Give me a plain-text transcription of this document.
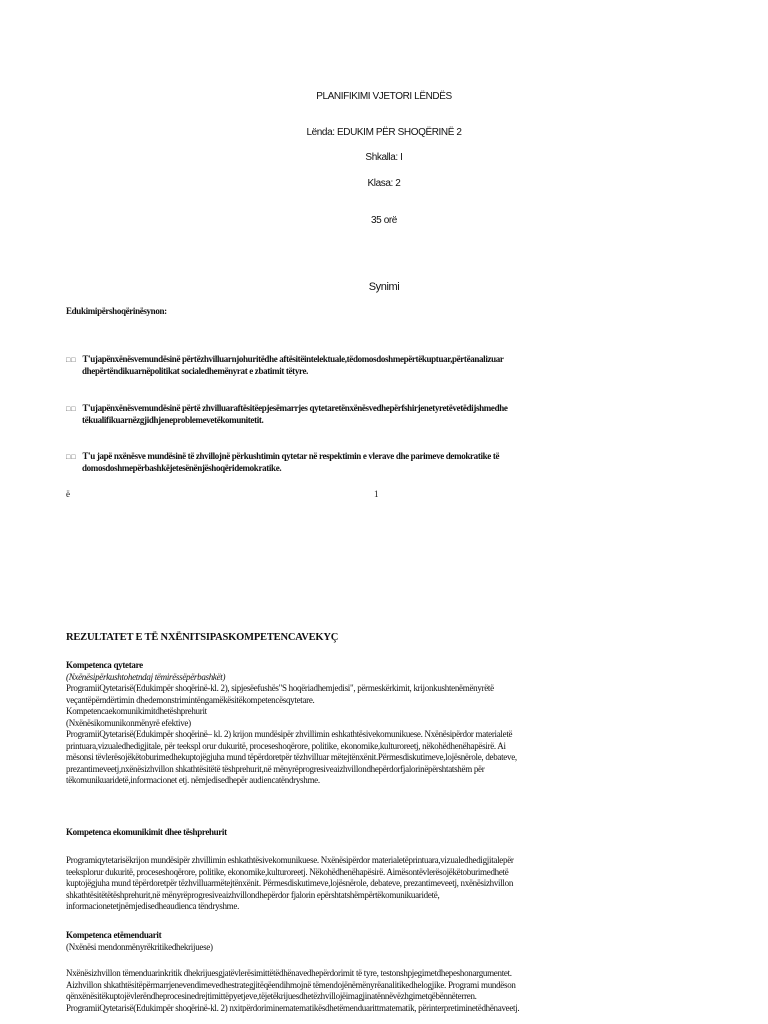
PLANIFIKIMI VJETORI LËNDËS
Lënda: EDUKIM PËR SHOQËRINË 2
Shkalla: I
Klasa: 2
35 orë
Synimi
Edukimipërshoqërinësynon:
□□ T'ujapënxënësvemundësinë përtëzhvilluarnjohuritëdhe aftësitëintelektuale,tëdomosdoshmepërtëkuptuar,përtëanalizuar
dhepërtëndikuarnëpolitikat socialedhemënyrat e zbatimit tëtyre.
□□ T'ujapënxënësvemundësinë përtë zhvilluaraftësitëepjesëmarrjes qytetaretënxënësvedhepërfshirjenetyretëvetëdijshmedhe
tëkualifikuarnëzgjidhjeneproblemevetëkomunitetit.
□□ T'u japë nxënësve mundësinë të zhvillojnë përkushtimin qytetar në respektimin e vlerave dhe parimeve demokratike të
domosdoshmepërbashkëjetesënënjëshoqëridemokratike.
ë	1
REZULTATET E TË NXËNITSIPASKOMPETENCAVEKYÇ
Kompetenca qytetare
(Nxënësipërkushtohetndaj tëmirëssëpërbashkët)
ProgramiiQytetarisë(Edukimpër shoqërinë-kl. 2), sipjesëefushës"S hoqëriadhemjedisi", përmeskërkimit, krijonkushtenëmënyrëtë
veçantëpërndërtimin dhedemonstrimintëngamëkësitëkompetencësqytetare.
Kompetencaekomunikimitdhetëshprehurit
(Nxënësikomunikonmënyrë efektive)
ProgramiiQytetarisë(Edukimpër shoqërinë– kl. 2) krijon mundësipër zhvillimin eshkathtësivekomunikuese. Nxënësipërdor materialetë
printuara,vizualedhedigjitale, për teekspl orur dukuritë, proceseshoqërore, politike, ekonomike,kulturoreetj, nëkohëdhenëhapësirë. Ai
mësonsi tëvlerësojëkëtoburimedhekuptojëgjuha mund tëpërdoretpër tëzhvilluar mëtejtënxënit.Përmesdiskutimeve,lojësnërole, debateve,
prezantimeveetj,nxënësizhvillon shkathtësitëtë tëshprehurit,në mënyrëprogresiveaizhvillondhepërdorfjalorinëpërshtatshëm për
tëkomunikuaridetë,informacionet etj. nëmjedisedhepër audiencatëndryshme.
Kompetenca ekomunikimit dhee tëshprehurit
Programiqytetarisëkrijon mundësipër zhvillimin eshkathtësivekomunikuese. Nxënësipërdor materialetëprintuara,vizualedhedigjitalepër
teeksplorur dukuritë, proceseshoqërore, politike, ekonomike,kulturoreetj. Nëkohëdhenëhapësirë. Aimësontëvlerësojëkëtoburimedhetë
kuptojëgjuha mund tëpërdoretpër tëzhvilluarmëtejtënxënit. Përmesdiskutimeve,lojësnërole, debateve, prezantimeveetj, nxënësizhvillon
shkathtësitëtëtëshprehurit,në mënyrëprogresiveaizhvillondhepërdor fjalorin epërshtatshëmpërtëkomunikuaridetë,
informacionetetjnëmjedisedheaudienca tëndryshme.
Kompetenca etëmenduarit
(Nxënësi mendonmënyrëkritikedhekrijuese)
Nxënësizhvillon tëmenduarinkritik dhekrijuesgjatëvlerësimittëtëdhënavedhepërdorimit të tyre, testonshpjegimetdhepeshonargumentet.
Aizhvillon shkathtësitëpërmarrjenevendimevedhestrategjitëqëendihmojnë tëmendojënëmënyrëanalitikedhelogjike. Programi mundëson
qënxënësitëkuptojëvlerëndheprocesinedrejtimittëpyetjeve,tëjetëkrijuesdhetëzhvillojëimagjinatënnëvëzhgimetqëbënnëterren.
ProgramiiQytetarisë(Edukimpër shoqërinë-kl. 2) nxitpërdoriminematematikësdhetëmenduarittmatematik, përinterpretiminetëdhënaveetj.
